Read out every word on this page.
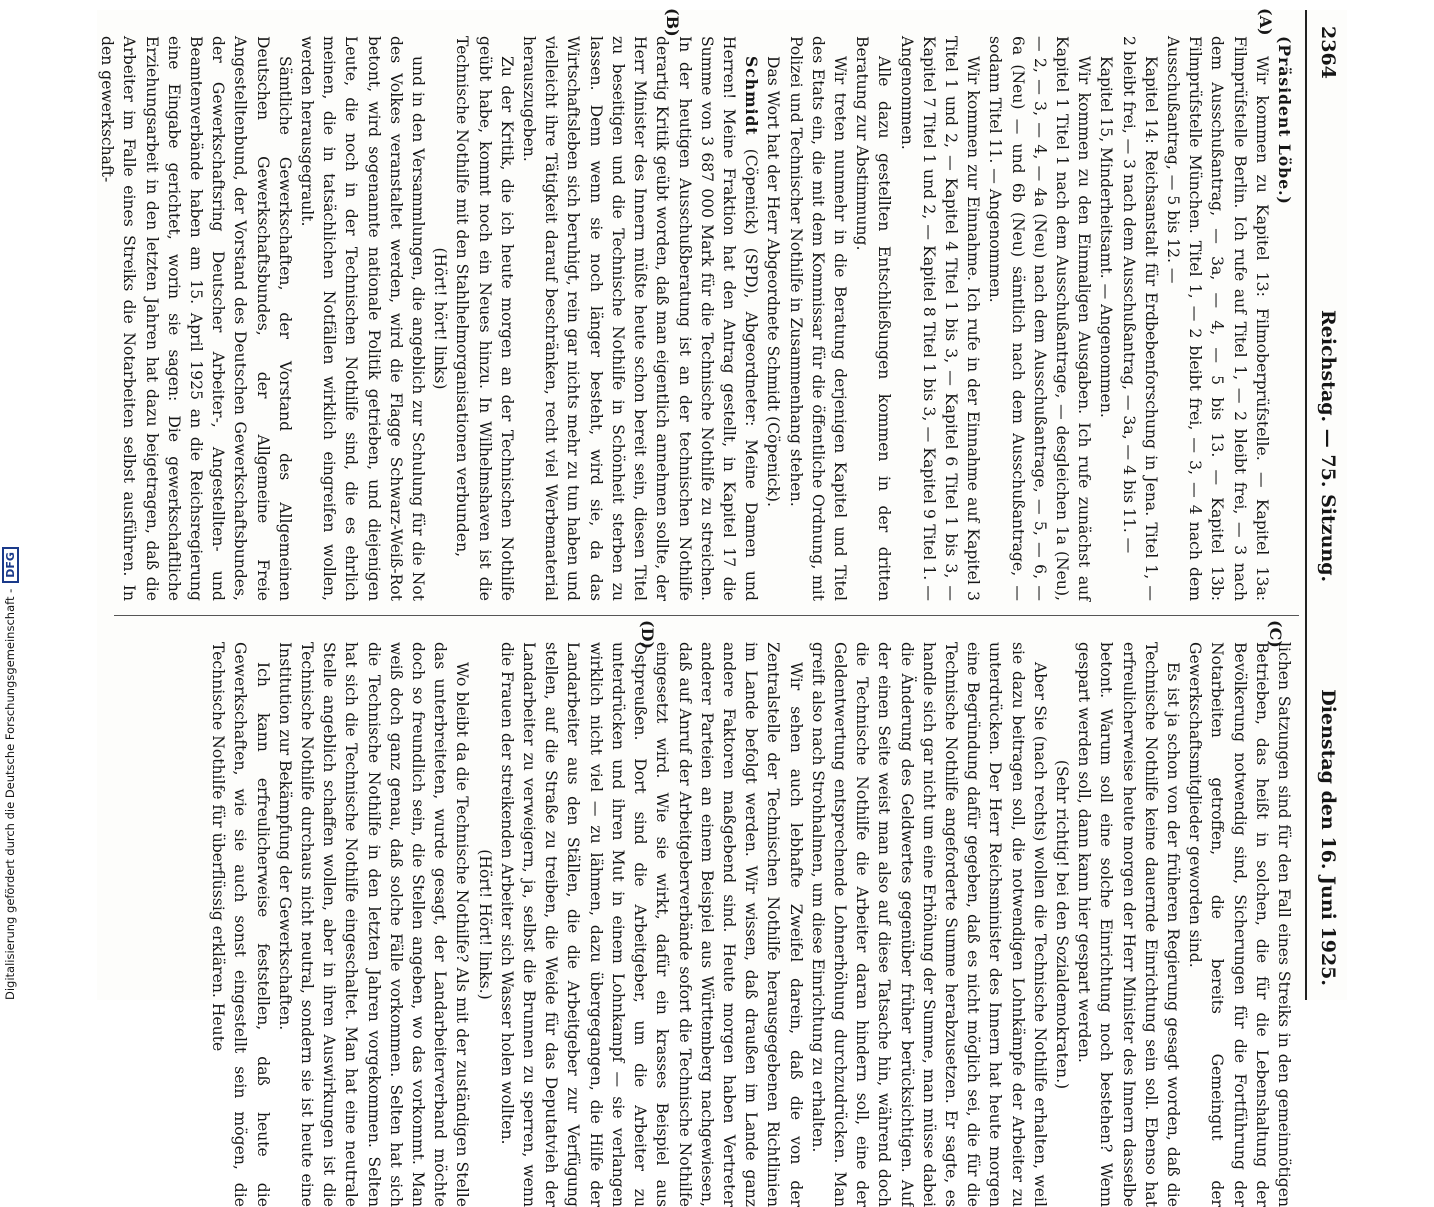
2364
Reichstag. — 75. Sitzung.
Dienstag den 16. Juni 1925.
(A)
(B)
(C)
(D)

(Präsident Löbe.)

Wir kommen zu Kapitel 13: Filmoberprüfstelle. — Kapitel 13a: Filmprüfstelle Berlin. Ich rufe auf Titel 1, — 2 bleibt frei, — 3 nach dem Ausschußantrag, — 3a, — 4, — 5 bis 13. — Kapitel 13b: Filmprüfstelle München. Titel 1, — 2 bleibt frei, — 3, — 4 nach dem Ausschußantrag, — 5 bis 12. —

Kapitel 14: Reichsanstalt für Erdbebenforschung in Jena. Titel 1, — 2 bleibt frei, — 3 nach dem Ausschußantrag, — 3a, — 4 bis 11. —

Kapitel 15, Minderheitsamt. — Angenommen.

Wir kommen zu den Einmaligen Ausgaben. Ich rufe zunächst auf Kapitel 1 Titel 1 nach dem Ausschußantrage, — desgleichen 1a (Neu), — 2, — 3, — 4, — 4a (Neu) nach dem Ausschußantrage, — 5, — 6, — 6a (Neu) — und 6b (Neu) sämtlich nach dem Ausschußantrage, — sodann Titel 11. — Angenommen.

Wir kommen zur Einnahme. Ich rufe in der Einnahme auf Kapitel 3 Titel 1 und 2, — Kapitel 4 Titel 1 bis 3, — Kapitel 6 Titel 1 bis 3, — Kapitel 7 Titel 1 und 2, — Kapitel 8 Titel 1 bis 3, — Kapitel 9 Titel 1. — Angenommen.

Alle dazu gestellten Entschließungen kommen in der dritten Beratung zur Abstimmung.

Wir treten nunmehr in die Beratung derjenigen Kapitel und Titel des Etats ein, die mit dem Kommissar für die öffentliche Ordnung, mit Polizei und Technischer Nothilfe in Zusammenhang stehen.

Das Wort hat der Herr Abgeordnete Schmidt (Cöpenick).

Schmidt (Cöpenick) (SPD), Abgeordneter: Meine Damen und Herren! Meine Fraktion hat den Antrag gestellt, in Kapitel 17 die Summe von 3 687 000 Mark für die Technische Nothilfe zu streichen. In der heutigen Ausschußberatung ist an der technischen Nothilfe derartig Kritik geübt worden, daß man eigentlich annehmen sollte, der Herr Minister des Innern müßte heute schon bereit sein, diesen Titel zu beseitigen und die Technische Nothilfe in Schönheit sterben zu lassen. Denn wenn sie noch länger besteht, wird sie, da das Wirtschaftsleben sich beruhigt, rein gar nichts mehr zu tun haben und vielleicht ihre Tätigkeit darauf beschränken, recht viel Werbematerial herauszugeben.

Zu der Kritik, die ich heute morgen an der Technischen Nothilfe geübt habe, kommt noch ein Neues hinzu. In Wilhelmshaven ist die Technische Nothilfe mit den Stahlhelmorganisationen verbunden,

(Hört! hört! links)

und in den Versammlungen, die angeblich zur Schulung für die Not des Volkes veranstaltet werden, wird die Flagge Schwarz-Weiß-Rot betont, wird sogenannte nationale Politik getrieben, und diejenigen Leute, die noch in der Technischen Nothilfe sind, die es ehrlich meinen, die in tatsächlichen Notfällen wirklich eingreifen wollen, werden herausgegrault.

Sämtliche Gewerkschaften, der Vorstand des Allgemeinen Deutschen Gewerkschaftsbundes, der Allgemeine Freie Angestelltenbund, der Vorstand des Deutschen Gewerkschaftsbundes, der Gewerkschaftsring Deutscher Arbeiter-, Angestellten- und Beamtenverbände haben am 15. April 1925 an die Reichsregierung eine Eingabe gerichtet, worin sie sagen: Die gewerkschaftliche Erziehungsarbeit in den letzten Jahren hat dazu beigetragen, daß die Arbeiter im Falle eines Streiks die Notarbeiten selbst ausführen. In den gewerkschaft-

lichen Satzungen sind für den Fall eines Streiks in den gemeinnötigen Betrieben, das heißt in solchen, die für die Lebenshaltung der Bevölkerung notwendig sind, Sicherungen für die Fortführung der Notarbeiten getroffen, die bereits Gemeingut der Gewerkschaftsmitglieder geworden sind.

Es ist ja schon von der früheren Regierung gesagt worden, daß die Technische Nothilfe keine dauernde Einrichtung sein soll. Ebenso hat erfreulicherweise heute morgen der Herr Minister des Innern dasselbe betont. Warum soll eine solche Einrichtung noch bestehen? Wenn gespart werden soll, dann kann hier gespart werden.

(Sehr richtig! bei den Sozialdemokraten.)

Aber Sie (nach rechts) wollen die Technische Nothilfe erhalten, weil sie dazu beitragen soll, die notwendigen Lohnkämpfe der Arbeiter zu unterdrücken. Der Herr Reichsminister des Innern hat heute morgen eine Begründung dafür gegeben, daß es nicht möglich sei, die für die Technische Nothilfe angeforderte Summe herabzusetzen. Er sagte, es handle sich gar nicht um eine Erhöhung der Summe, man müsse dabei die Änderung des Geldwertes gegenüber früher berücksichtigen. Auf der einen Seite weist man also auf diese Tatsache hin, während doch die Technische Nothilfe die Arbeiter daran hindern soll, eine der Geldentwertung entsprechende Lohnerhöhung durchzudrücken. Man greift also nach Strohhalmen, um diese Einrichtung zu erhalten.

Wir sehen auch lebhafte Zweifel darein, daß die von der Zentralstelle der Technischen Nothilfe herausgegebenen Richtlinien im Lande befolgt werden. Wir wissen, daß draußen im Lande ganz andere Faktoren maßgebend sind. Heute morgen haben Vertreter anderer Parteien an einem Beispiel aus Württemberg nachgewiesen, daß auf Anruf der Arbeitgeberverbände sofort die Technische Nothilfe eingesetzt wird. Wie sie wirkt, dafür ein krasses Beispiel aus Ostpreußen. Dort sind die Arbeitgeber, um die Arbeiter zu unterdrücken und ihren Mut in einem Lohnkampf — sie verlangen wirklich nicht viel — zu lähmen, dazu übergegangen, die Hilfe der Landarbeiter aus den Ställen, die die Arbeitgeber zur Verfügung stellen, auf die Straße zu treiben, die Weide für das Deputatvieh der Landarbeiter zu verweigern, ja, selbst die Brunnen zu sperren, wenn die Frauen der streikenden Arbeiter sich Wasser holen wollten.

(Hört! Hört! links.)

Wo bleibt da die Technische Nothilfe? Als mit der zuständigen Stelle das unterbreiteten, wurde gesagt, der Landarbeiterverband möchte doch so freundlich sein, die Stellen angeben, wo das vorkommt. Man weiß doch ganz genau, daß solche Fälle vorkommen. Selten hat sich die Technische Nothilfe in den letzten Jahren vorgekommen. Selten hat sich die Technische Nothilfe eingeschaltet. Man hat eine neutrale Stelle angeblich schaffen wollen, aber in ihren Auswirkungen ist die Technische Nothilfe durchaus nicht neutral, sondern sie ist heute eine Institution zur Bekämpfung der Gewerkschaften.

Ich kann erfreulicherweise feststellen, daß heute die Gewerkschaften, wie sie auch sonst eingestellt sein mögen, die Technische Nothilfe für überflüssig erklären. Heute

Digitalisierung gefördert durch die Deutsche Forschungsgemeinschaft -
DFG
